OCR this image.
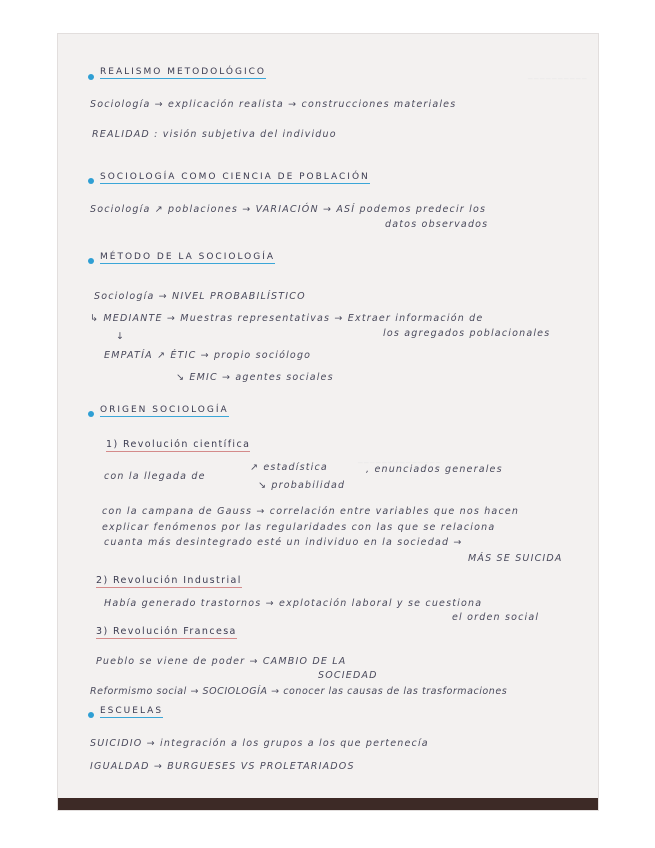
__________
______________
REALISMO METODOLÓGICO
Sociología → explicación realista → construcciones materiales
REALIDAD : visión subjetiva del individuo
SOCIOLOGÍA COMO CIENCIA DE POBLACIÓN
Sociología ↗ poblaciones → VARIACIÓN → ASÍ podemos predecir los
datos observados
MÉTODO DE LA SOCIOLOGÍA
Sociología → NIVEL PROBABILÍSTICO
↳ MEDIANTE → Muestras representativas → Extraer información de
los agregados poblacionales
↓
EMPATÍA ↗ ÉTIC → propio sociólogo
↘ EMIC → agentes sociales
ORIGEN SOCIOLOGÍA
1) Revolución científica
↗ estadística
con la llegada de
, enunciados generales
↘ probabilidad
con la campana de Gauss → correlación entre variables que nos hacen
explicar fenómenos por las regularidades con las que se relaciona
cuanta más desintegrado esté un individuo en la sociedad →
MÁS SE SUICIDA
2) Revolución Industrial
Había generado trastornos → explotación laboral y se cuestiona
el orden social
3) Revolución Francesa
Pueblo se viene de poder → CAMBIO DE LA
SOCIEDAD
Reformismo social → SOCIOLOGÍA → conocer las causas de las trasformaciones
ESCUELAS
SUICIDIO → integración a los grupos a los que pertenecía
IGUALDAD → BURGUESES VS PROLETARIADOS
